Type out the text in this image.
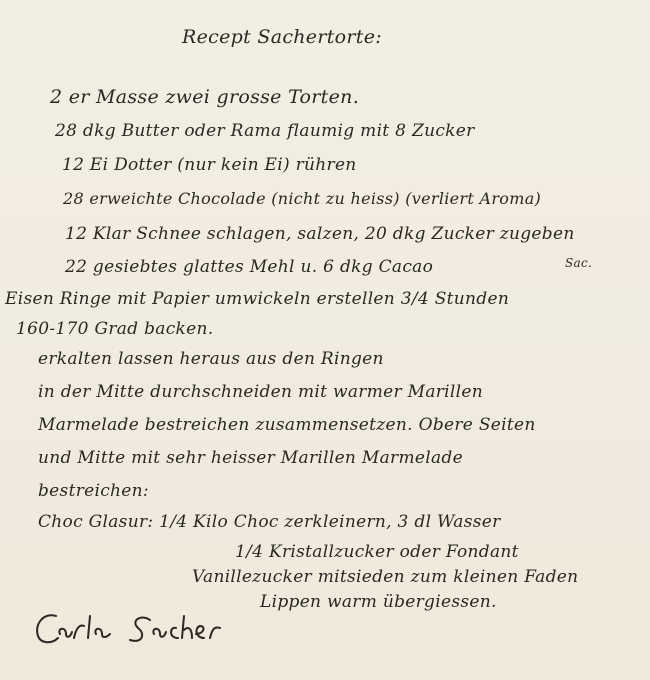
Recept Sachertorte:
2 er Masse zwei grosse Torten.
28 dkg Butter oder Rama flaumig mit 8 Zucker
12 Ei Dotter (nur kein Ei) rühren
28 erweichte Chocolade (nicht zu heiss) (verliert Aroma)
12 Klar Schnee schlagen, salzen, 20 dkg Zucker zugeben
22 gesiebtes glattes Mehl u. 6 dkg Cacao	Sac.
Eisen Ringe mit Papier umwickeln erstellen 3/4 Stunden
160-170 Grad backen.
erkalten lassen heraus aus den Ringen
in der Mitte durchschneiden mit warmer Marillen
Marmelade bestreichen zusammensetzen. Obere Seiten
und Mitte mit sehr heisser Marillen Marmelade
bestreichen:
Choc Glasur: 1/4 Kilo Choc zerkleinern, 3 dl Wasser
1/4 Kristallzucker oder Fondant
Vanillezucker mitsieden zum kleinen Faden
Lippen warm übergiessen.
